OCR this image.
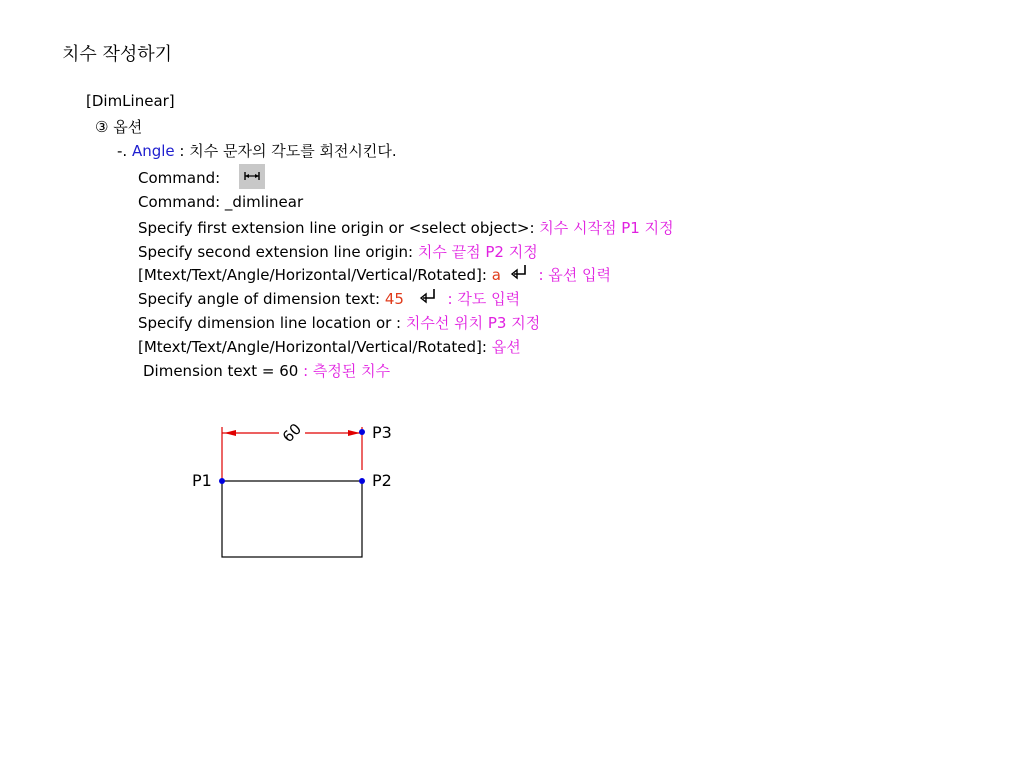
치수 작성하기
[DimLinear]
③ 옵션
-. Angle : 치수 문자의 각도를 회전시킨다.
Command:
Command: _dimlinear
Specify first extension line origin or <select object>: 치수 시작점 P1 지정
Specify second extension line origin: 치수 끝점 P2 지정
[Mtext/Text/Angle/Horizontal/Vertical/Rotated]: a  : 옵션 입력
Specify angle of dimension text: 45	: 각도 입력
Specify dimension line location or : 치수선 위치 P3 지정
[Mtext/Text/Angle/Horizontal/Vertical/Rotated]: 옵션
Dimension text = 60 : 측정된 치수
60
P1	P2
P3
